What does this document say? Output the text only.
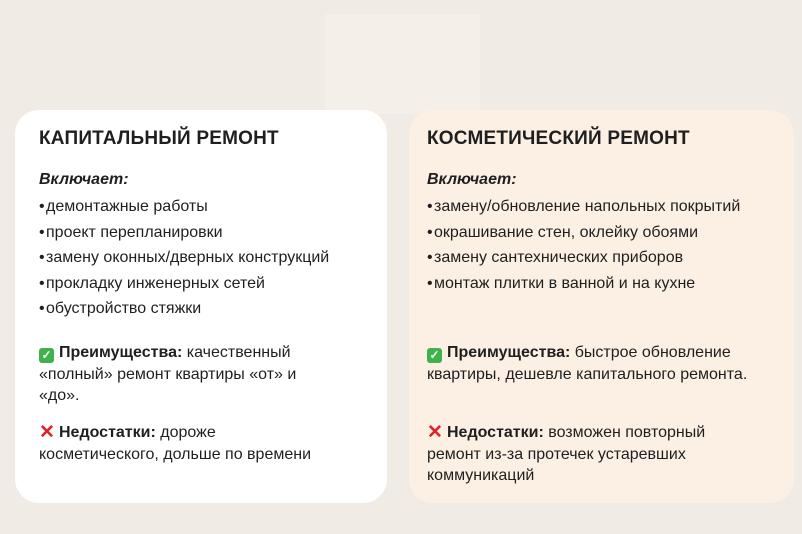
КАПИТАЛЬНЫЙ РЕМОНТ
Включает:
•демонтажные работы
•проект перепланировки
•замену оконных/дверных конструкций
•прокладку инженерных сетей
•обустройство стяжки
✓ Преимущества: качественный «полный» ремонт квартиры «от» и «до».
✕ Недостатки: дороже косметического, дольше по времени
КОСМЕТИЧЕСКИЙ РЕМОНТ
Включает:
•замену/обновление напольных покрытий
•окрашивание стен, оклейку обоями
•замену сантехнических приборов
•монтаж плитки в ванной и на кухне
✓ Преимущества: быстрое обновление квартиры, дешевле капитального ремонта.
✕ Недостатки: возможен повторный ремонт из-за протечек устаревших коммуникаций
